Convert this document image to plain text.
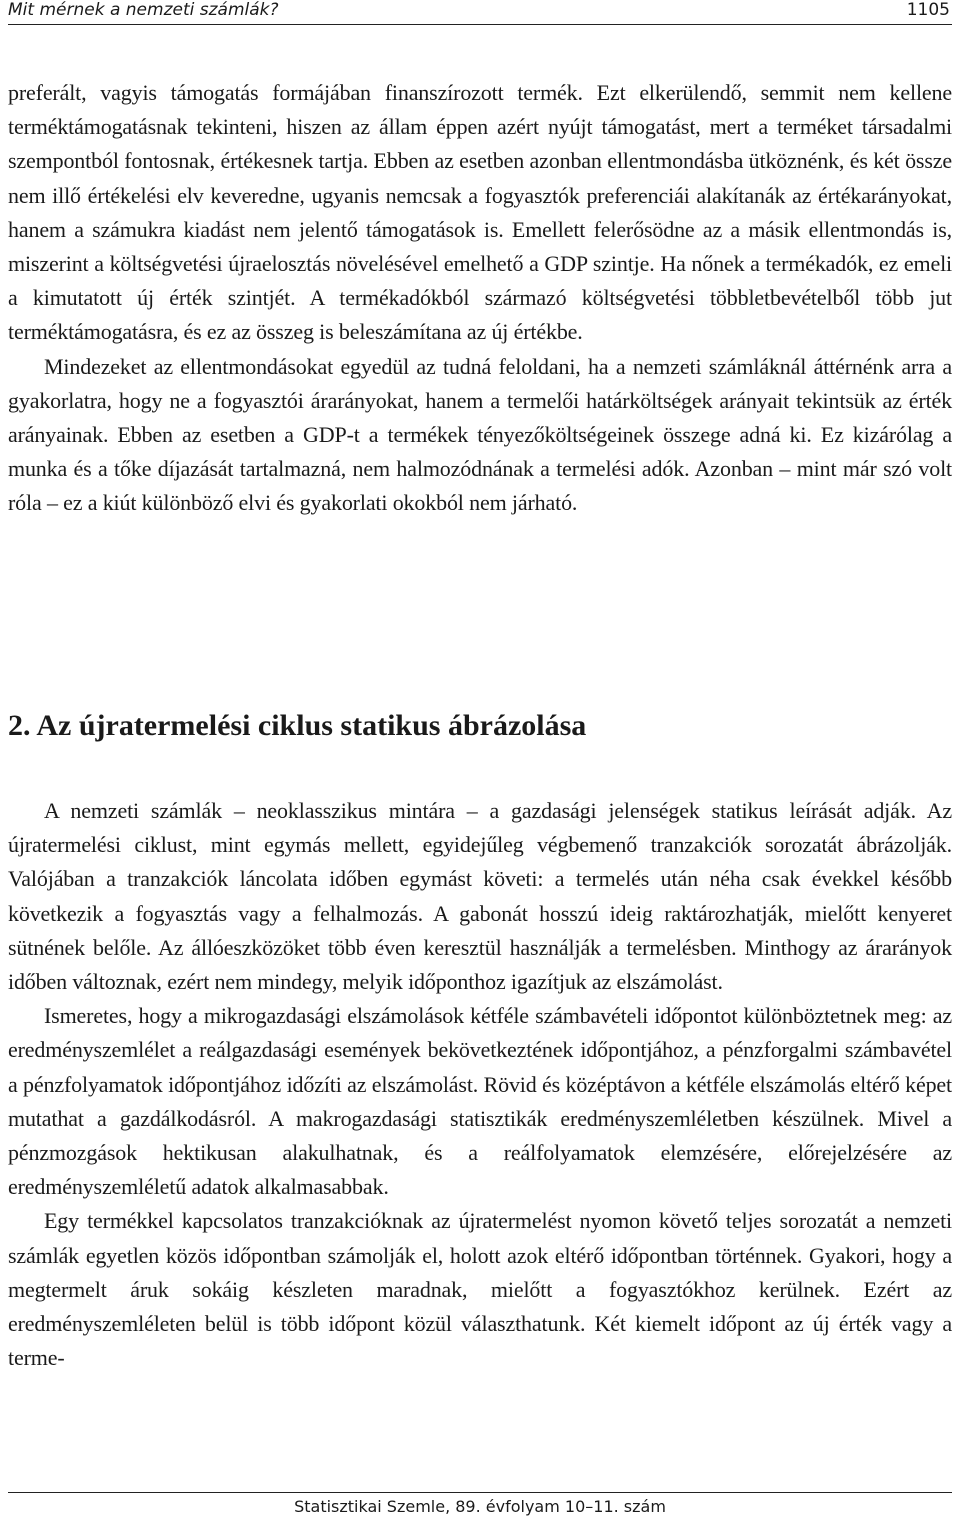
Mit mérnek a nemzeti számlák?	1105

preferált, vagyis támogatás formájában finanszírozott termék. Ezt elkerülendő, semmit nem kellene terméktámogatásnak tekinteni, hiszen az állam éppen azért nyújt támogatást, mert a terméket társadalmi szempontból fontosnak, értékesnek tartja. Ebben az esetben azonban ellentmondásba ütköznénk, és két össze nem illő értékelési elv keveredne, ugyanis nemcsak a fogyasztók preferenciái alakítanák az értékarányokat, hanem a számukra kiadást nem jelentő támogatások is. Emellett felerősödne az a másik ellentmondás is, miszerint a költségvetési újraelosztás növelésével emelhető a GDP szintje. Ha nőnek a termékadók, ez emeli a kimutatott új érték szintjét. A termékadókból származó költségvetési többletbevételből több jut terméktámogatásra, és ez az összeg is beleszámítana az új értékbe.

Mindezeket az ellentmondásokat egyedül az tudná feloldani, ha a nemzeti számláknál áttérnénk arra a gyakorlatra, hogy ne a fogyasztói árarányokat, hanem a termelői határköltségek arányait tekintsük az érték arányainak. Ebben az esetben a GDP-t a termékek tényezőköltségeinek összege adná ki. Ez kizárólag a munka és a tőke díjazását tartalmazná, nem halmozódnának a termelési adók. Azonban – mint már szó volt róla – ez a kiút különböző elvi és gyakorlati okokból nem járható.

2. Az újratermelési ciklus statikus ábrázolása

A nemzeti számlák – neoklasszikus mintára – a gazdasági jelenségek statikus leírását adják. Az újratermelési ciklust, mint egymás mellett, egyidejűleg végbemenő tranzakciók sorozatát ábrázolják. Valójában a tranzakciók láncolata időben egymást követi: a termelés után néha csak évekkel később következik a fogyasztás vagy a felhalmozás. A gabonát hosszú ideig raktározhatják, mielőtt kenyeret sütnének belőle. Az állóeszközöket több éven keresztül használják a termelésben. Minthogy az árarányok időben változnak, ezért nem mindegy, melyik időponthoz igazítjuk az elszámolást.

Ismeretes, hogy a mikrogazdasági elszámolások kétféle számbavételi időpontot különböztetnek meg: az eredményszemlélet a reálgazdasági események bekövetkeztének időpontjához, a pénzforgalmi számbavétel a pénzfolyamatok időpontjához időzíti az elszámolást. Rövid és középtávon a kétféle elszámolás eltérő képet mutathat a gazdálkodásról. A makrogazdasági statisztikák eredményszemléletben készülnek. Mivel a pénzmozgások hektikusan alakulhatnak, és a reálfolyamatok elemzésére, előrejelzésére az eredményszemléletű adatok alkalmasabbak.

Egy termékkel kapcsolatos tranzakcióknak az újratermelést nyomon követő teljes sorozatát a nemzeti számlák egyetlen közös időpontban számolják el, holott azok eltérő időpontban történnek. Gyakori, hogy a megtermelt áruk sokáig készleten maradnak, mielőtt a fogyasztókhoz kerülnek. Ezért az eredményszemléleten belül is több időpont közül választhatunk. Két kiemelt időpont az új érték vagy a terme-

Statisztikai Szemle, 89. évfolyam 10–11. szám
